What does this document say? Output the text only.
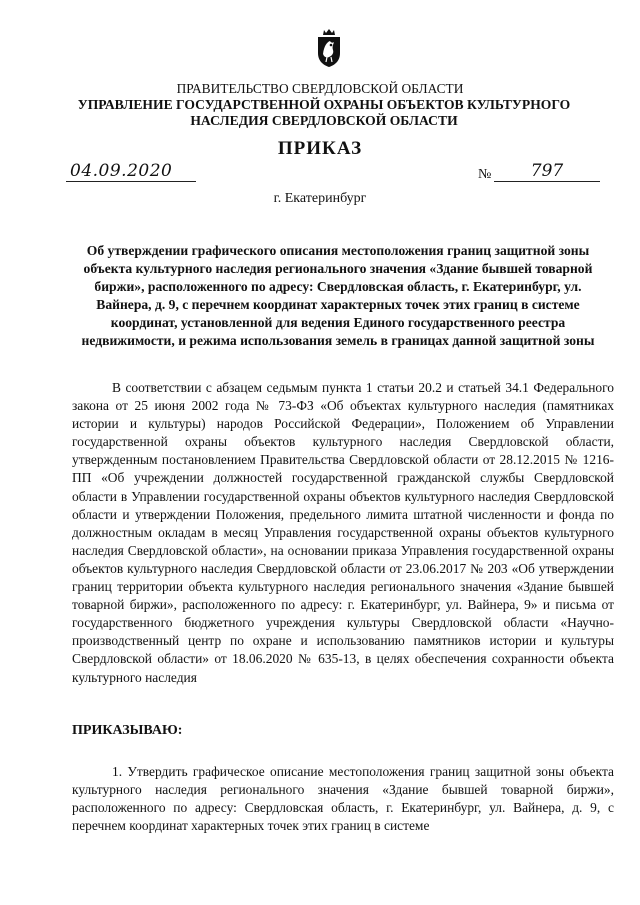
ПРАВИТЕЛЬСТВО СВЕРДЛОВСКОЙ ОБЛАСТИ
УПРАВЛЕНИЕ ГОСУДАРСТВЕННОЙ ОХРАНЫ ОБЪЕКТОВ КУЛЬТУРНОГО НАСЛЕДИЯ СВЕРДЛОВСКОЙ ОБЛАСТИ
ПРИКАЗ
04.09.2020	№	797
г. Екатеринбург
Об утверждении графического описания местоположения границ защитной зоны объекта культурного наследия регионального значения «Здание бывшей товарной биржи», расположенного по адресу: Свердловская область, г. Екатеринбург, ул. Вайнера, д. 9, с перечнем координат характерных точек этих границ в системе координат, установленной для ведения Единого государственного реестра недвижимости, и режима использования земель в границах данной защитной зоны

В соответствии с абзацем седьмым пункта 1 статьи 20.2 и статьей 34.1 Федерального закона от 25 июня 2002 года № 73-ФЗ «Об объектах культурного наследия (памятниках истории и культуры) народов Российской Федерации», Положением об Управлении государственной охраны объектов культурного наследия Свердловской области, утвержденным постановлением Правительства Свердловской области от 28.12.2015 № 1216-ПП «Об учреждении должностей государственной гражданской службы Свердловской области в Управлении государственной охраны объектов культурного наследия Свердловской области и утверждении Положения, предельного лимита штатной численности и фонда по должностным окладам в месяц Управления государственной охраны объектов культурного наследия Свердловской области», на основании приказа Управления государственной охраны объектов культурного наследия Свердловской области от 23.06.2017 № 203 «Об утверждении границ территории объекта культурного наследия регионального значения «Здание бывшей товарной биржи», расположенного по адресу: г. Екатеринбург, ул. Вайнера, 9» и письма от государственного бюджетного учреждения культуры Свердловской области «Научно-производственный центр по охране и использованию памятников истории и культуры Свердловской области» от 18.06.2020 № 635-13, в целях обеспечения сохранности объекта культурного наследия

ПРИКАЗЫВАЮ:

1. Утвердить графическое описание местоположения границ защитной зоны объекта культурного наследия регионального значения «Здание бывшей товарной биржи», расположенного по адресу: Свердловская область, г. Екатеринбург, ул. Вайнера, д. 9, с перечнем координат характерных точек этих границ в системе
